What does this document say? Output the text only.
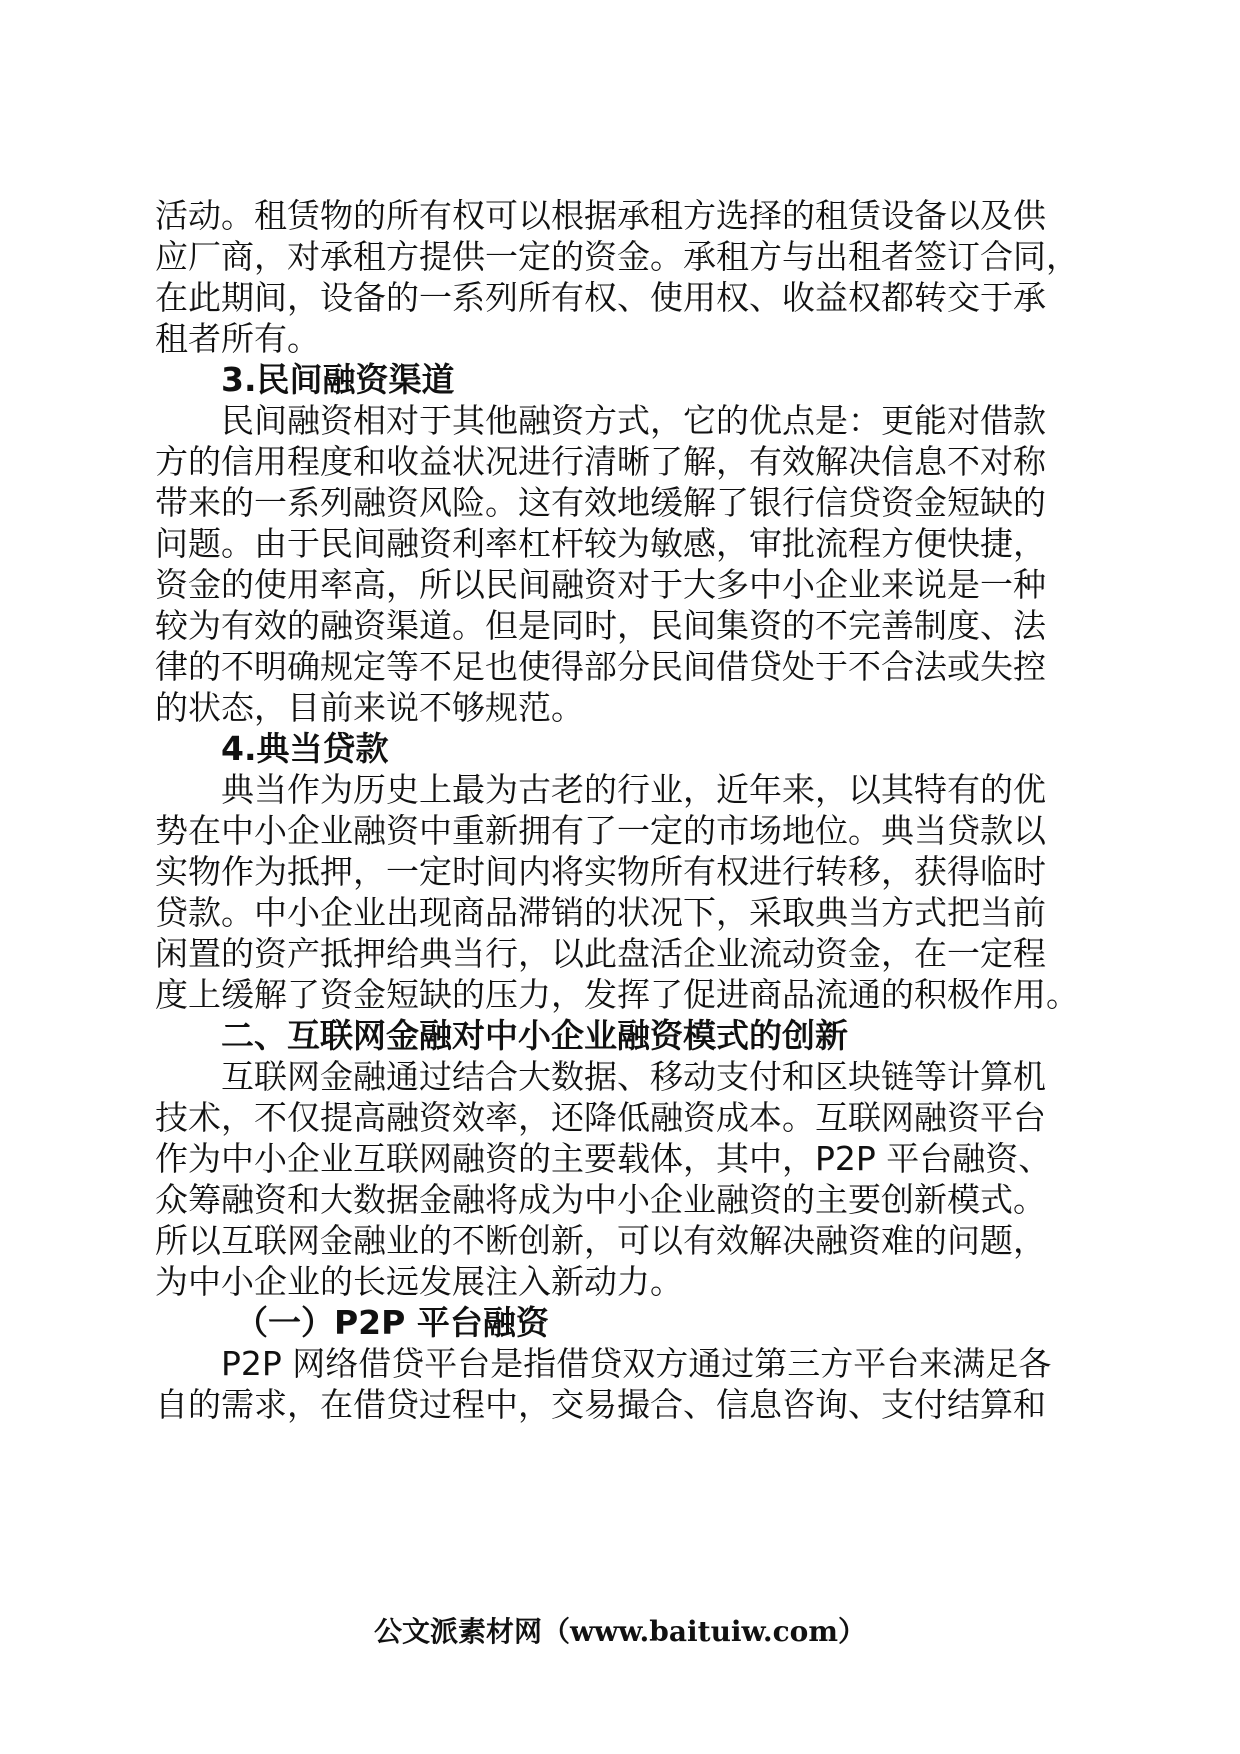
活动。租赁物的所有权可以根据承租方选择的租赁设备以及供
应厂商，对承租方提供一定的资金。承租方与出租者签订合同，
在此期间，设备的一系列所有权、使用权、收益权都转交于承
租者所有。
3.民间融资渠道
民间融资相对于其他融资方式，它的优点是：更能对借款
方的信用程度和收益状况进行清晰了解，有效解决信息不对称
带来的一系列融资风险。这有效地缓解了银行信贷资金短缺的
问题。由于民间融资利率杠杆较为敏感，审批流程方便快捷，
资金的使用率高，所以民间融资对于大多中小企业来说是一种
较为有效的融资渠道。但是同时，民间集资的不完善制度、法
律的不明确规定等不足也使得部分民间借贷处于不合法或失控
的状态，目前来说不够规范。
4.典当贷款
典当作为历史上最为古老的行业，近年来，以其特有的优
势在中小企业融资中重新拥有了一定的市场地位。典当贷款以
实物作为抵押，一定时间内将实物所有权进行转移，获得临时
贷款。中小企业出现商品滞销的状况下，采取典当方式把当前
闲置的资产抵押给典当行，以此盘活企业流动资金，在一定程
度上缓解了资金短缺的压力，发挥了促进商品流通的积极作用。
二、互联网金融对中小企业融资模式的创新
互联网金融通过结合大数据、移动支付和区块链等计算机
技术，不仅提高融资效率，还降低融资成本。互联网融资平台
作为中小企业互联网融资的主要载体，其中，P2P 平台融资、
众筹融资和大数据金融将成为中小企业融资的主要创新模式。
所以互联网金融业的不断创新，可以有效解决融资难的问题，
为中小企业的长远发展注入新动力。
（一）P2P 平台融资
P2P 网络借贷平台是指借贷双方通过第三方平台来满足各
自的需求，在借贷过程中，交易撮合、信息咨询、支付结算和
公文派素材网（www.baituiw.com）
